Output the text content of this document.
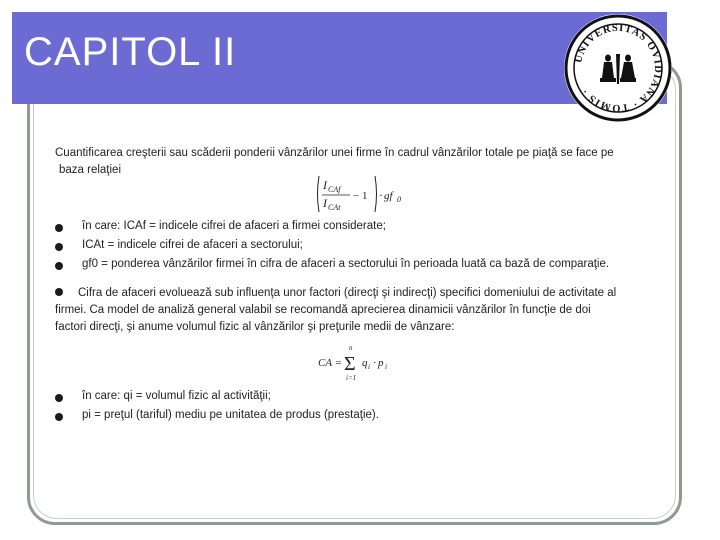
CAPITOL II	UNIVERSITAS OVIDIANA · TOMIS ·

Cuantificarea creşterii sau scăderii ponderii vânzărilor unei firme în cadrul vânzărilor totale pe piaţă se face pe

baza relaţiei

I CAf
I CAt
− 1 · gf 0
în care: ICAf = indicele cifrei de afaceri a firmei considerate;
ICAt = indicele cifrei de afaceri a sectorului;
gf0 = ponderea vânzărilor firmei în cifra de afaceri a sectorului în perioada luată ca bază de comparaţie.
Cifra de afaceri evoluează sub influenţa unor factori (direcţi şi indirecţi) specifici domeniului de activitate al
firmei. Ca model de analiză general valabil se recomandă aprecierea dinamicii vânzărilor în funcţie de doi
factori direcţi, şi anume volumul fizic al vânzărilor şi preţurile medii de vânzare:
CA =
n
Σ
i=1
q i · p i
în care: qi = volumul fizic al activităţii;
pi = preţul (tariful) mediu pe unitatea de produs (prestaţie).
